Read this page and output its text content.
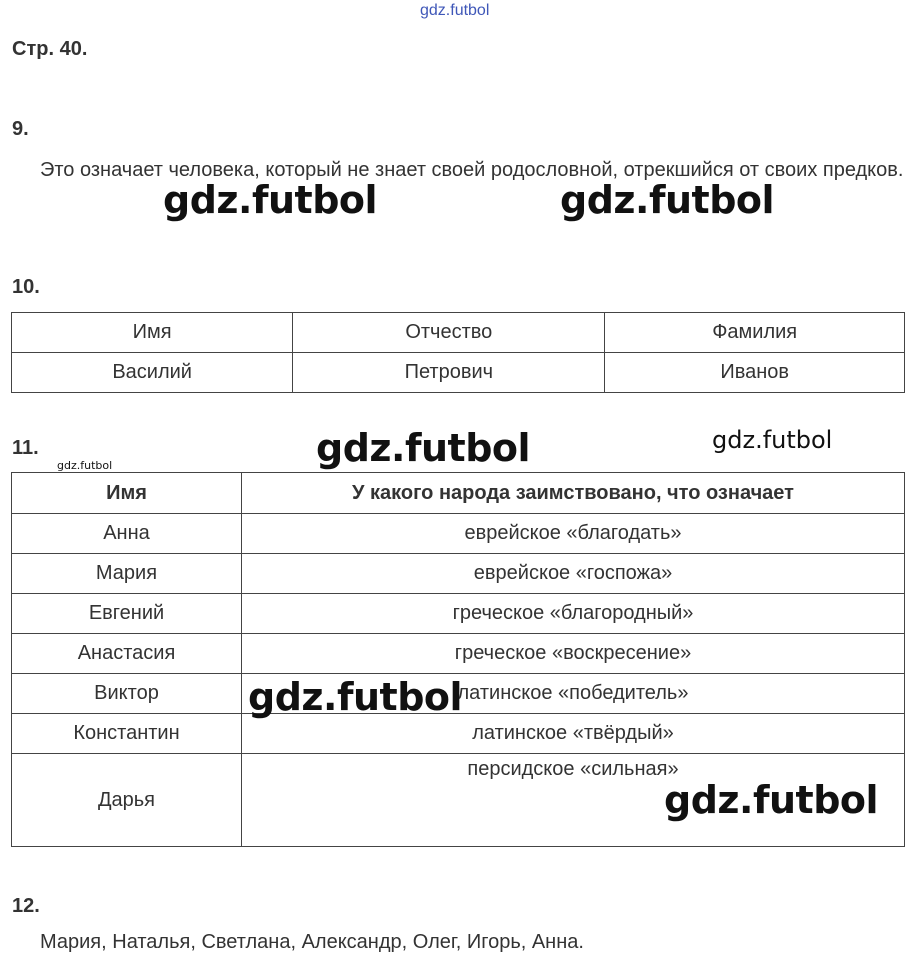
gdz.futbol
Стр. 40.
9.
Это означает человека, который не знает своей родословной, отрекшийся от своих предков.
10.
Имя	Отчество	Фамилия
Василий	Петрович	Иванов
11.
Имя	У какого народа заимствовано, что означает
Анна	еврейское «благодать»
Мария	еврейское «госпожа»
Евгений	греческое «благородный»
Анастасия	греческое «воскресение»
Виктор	латинское «победитель»
Константин	латинское «твёрдый»
Дарья	персидское «сильная»
12.
Мария, Наталья, Светлана, Александр, Олег, Игорь, Анна.
gdz.futbol	gdz.futbol
gdz.futbol	gdz.futbol
gdz.futbol
gdz.futbol
gdz.futbol
